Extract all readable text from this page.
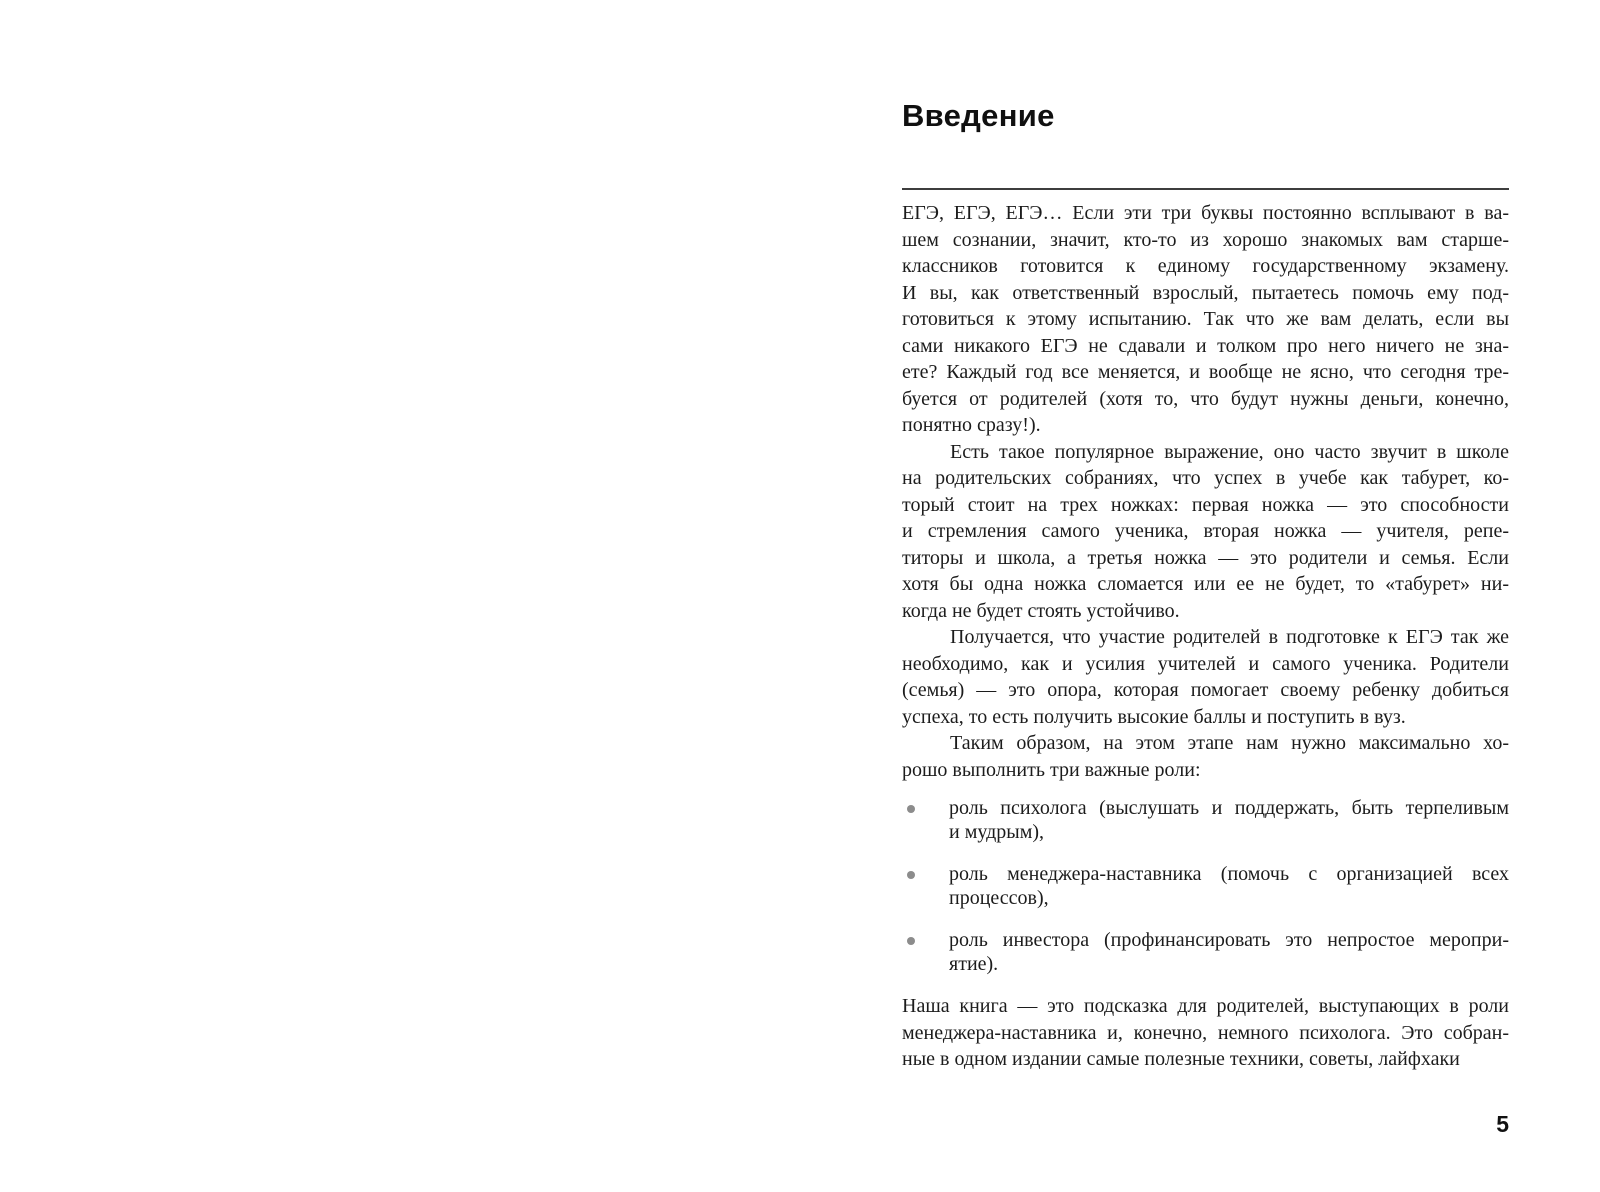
Введение
ЕГЭ, ЕГЭ, ЕГЭ… Если эти три буквы постоянно всплывают в ва-
шем сознании, значит, кто-то из хорошо знакомых вам старше-
классников готовится к единому государственному экзамену.
И вы, как ответственный взрослый, пытаетесь помочь ему под-
готовиться к этому испытанию. Так что же вам делать, если вы
сами никакого ЕГЭ не сдавали и толком про него ничего не зна-
ете? Каждый год все меняется, и вообще не ясно, что сегодня тре-
буется от родителей (хотя то, что будут нужны деньги, конечно,
понятно сразу!).
Есть такое популярное выражение, оно часто звучит в школе
на родительских собраниях, что успех в учебе как табурет, ко-
торый стоит на трех ножках: первая ножка — это способности
и стремления самого ученика, вторая ножка — учителя, репе-
титоры и школа, а третья ножка — это родители и семья. Если
хотя бы одна ножка сломается или ее не будет, то «табурет» ни-
когда не будет стоять устойчиво.
Получается, что участие родителей в подготовке к ЕГЭ так же
необходимо, как и усилия учителей и самого ученика. Родители
(семья) — это опора, которая помогает своему ребенку добиться
успеха, то есть получить высокие баллы и поступить в вуз.
Таким образом, на этом этапе нам нужно максимально хо-
рошо выполнить три важные роли:
роль психолога (выслушать и поддержать, быть терпеливым
и мудрым),
роль менеджера-наставника (помочь с организацией всех
процессов),
роль инвестора (профинансировать это непростое меропри-
ятие).
Наша книга — это подсказка для родителей, выступающих в роли
менеджера-наставника и, конечно, немного психолога. Это собран-
ные в одном издании самые полезные техники, советы, лайфхаки
5
